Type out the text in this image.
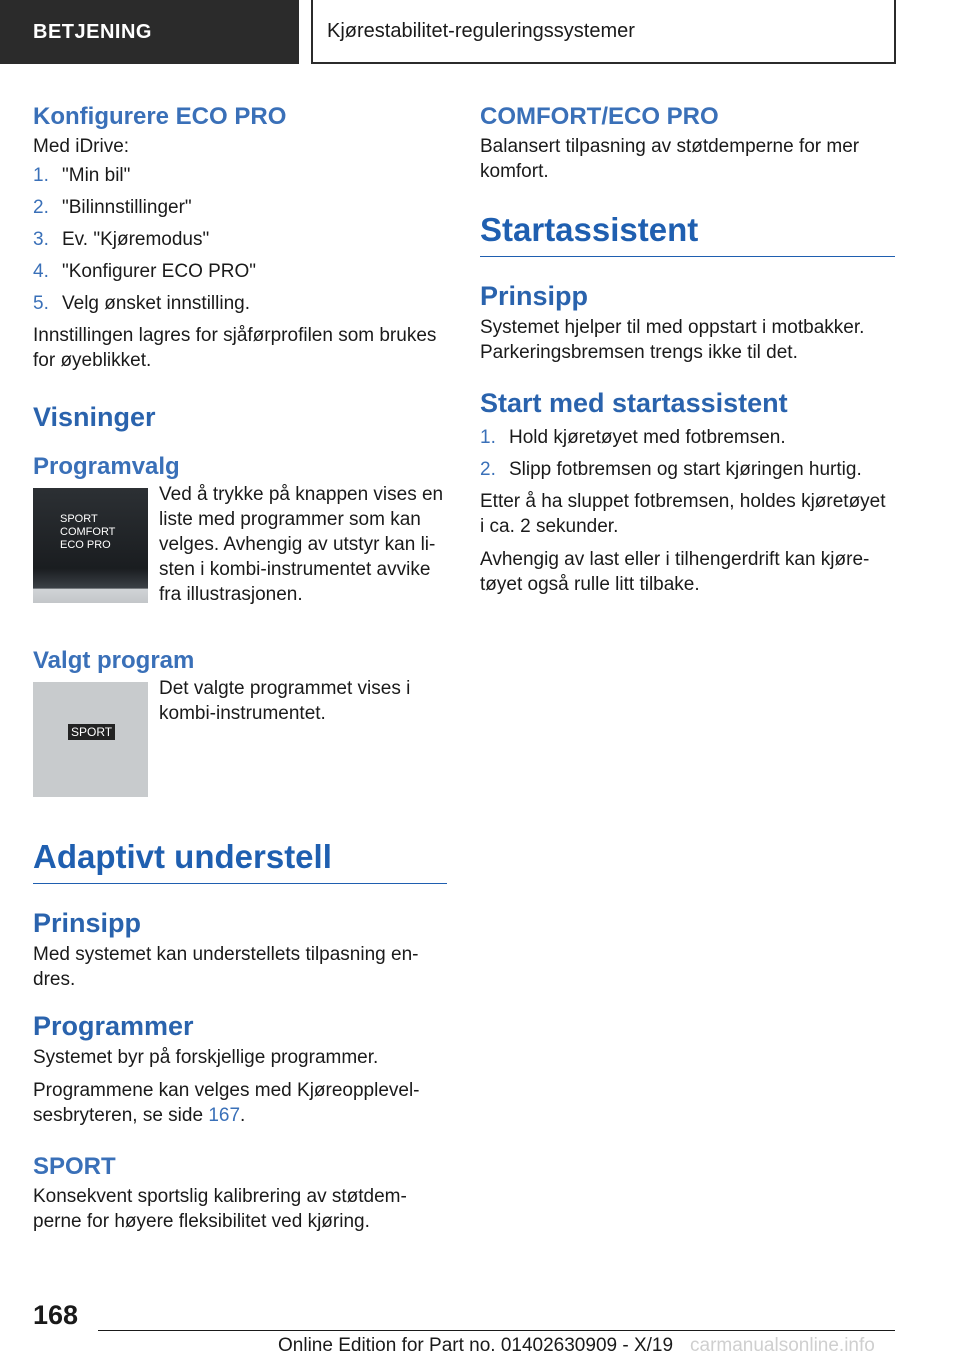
BETJENING	Kjørestabilitet-reguleringssystemer
Konfigurere ECO PRO

Med iDrive:

1. "Min bil"
2. "Bilinnstillinger"
3. Ev. "Kjøremodus"
4. "Konfigurer ECO PRO"
5. Velg ønsket innstilling.

Innstillingen lagres for sjåførprofilen som brukes

for øyeblikket.

Visninger
Programvalg
SPORT
COMFORT
ECO PRO

Ved å trykke på knappen vises en

liste med programmer som kan

velges. Avhengig av utstyr kan li-

sten i kombi-instrumentet avvike

fra illustrasjonen.

Valgt program
SPORT

Det valgte programmet vises i

kombi-instrumentet.

Adaptivt understell
Prinsipp

Med systemet kan understellets tilpasning en-

dres.

Programmer

Systemet byr på forskjellige programmer.

Programmene kan velges med Kjøreopplevel-

sesbryteren, se side 167.

SPORT

Konsekvent sportslig kalibrering av støtdem-

perne for høyere fleksibilitet ved kjøring.

COMFORT/ECO PRO

Balansert tilpasning av støtdemperne for mer

komfort.

Startassistent
Prinsipp

Systemet hjelper til med oppstart i motbakker.

Parkeringsbremsen trengs ikke til det.

Start med startassistent
1. Hold kjøretøyet med fotbremsen.
2. Slipp fotbremsen og start kjøringen hurtig.

Etter å ha sluppet fotbremsen, holdes kjøretøyet

i ca. 2 sekunder.

Avhengig av last eller i tilhengerdrift kan kjøre-

tøyet også rulle litt tilbake.

168
Online Edition for Part no. 01402630909 - X/19 carmanualsonline.info
